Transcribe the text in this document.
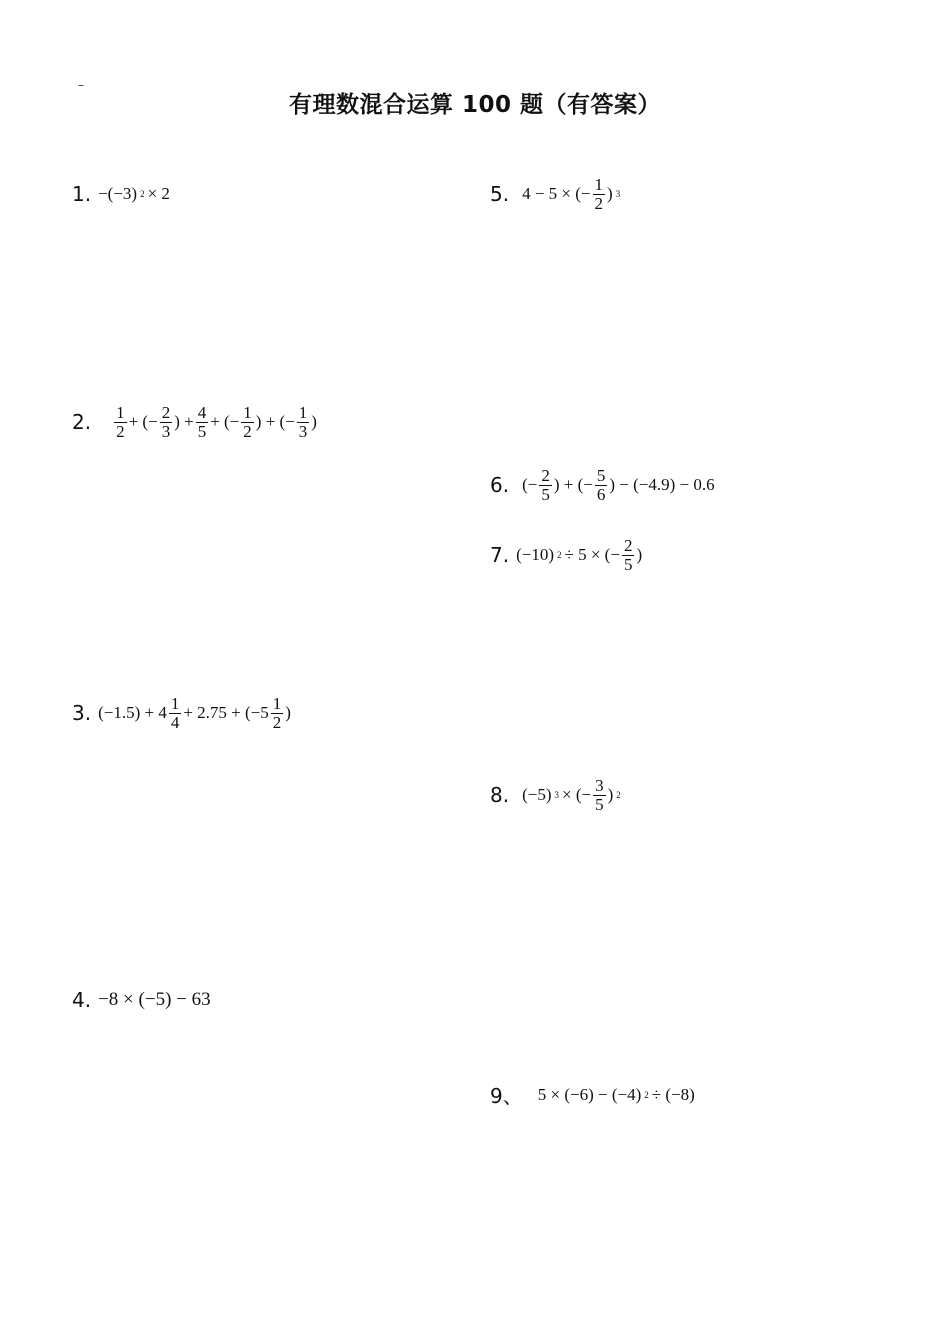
–
有理数混合运算 100 题（有答案）
1. −(−3) 2 × 2
2. $\frac{1}{2}$ + (− $\frac{2}{3}$ ) + $\frac{4}{5}$ + (− $\frac{1}{2}$ ) + (− $\frac{1}{3}$ )
3. $(-1.5) + 4 \frac{1}{4} + 2.75 + (-5 \frac{1}{2}$ )
4. −8 × (−5) − 63
5. 4 − 5 × (− $\frac{1}{2}$ ) 3
6. (− $\frac{2}{5}$ ) + (− $\frac{5}{6}$ ) − (−4.9) − 0.6
7. (−10) 2 ÷ 5 × (− $\frac{2}{5}$ )
8. (−5) 3 × (− $\frac{3}{5}$ ) 2
9、 5 × (−6) − (−4) 2 ÷ (−8)
